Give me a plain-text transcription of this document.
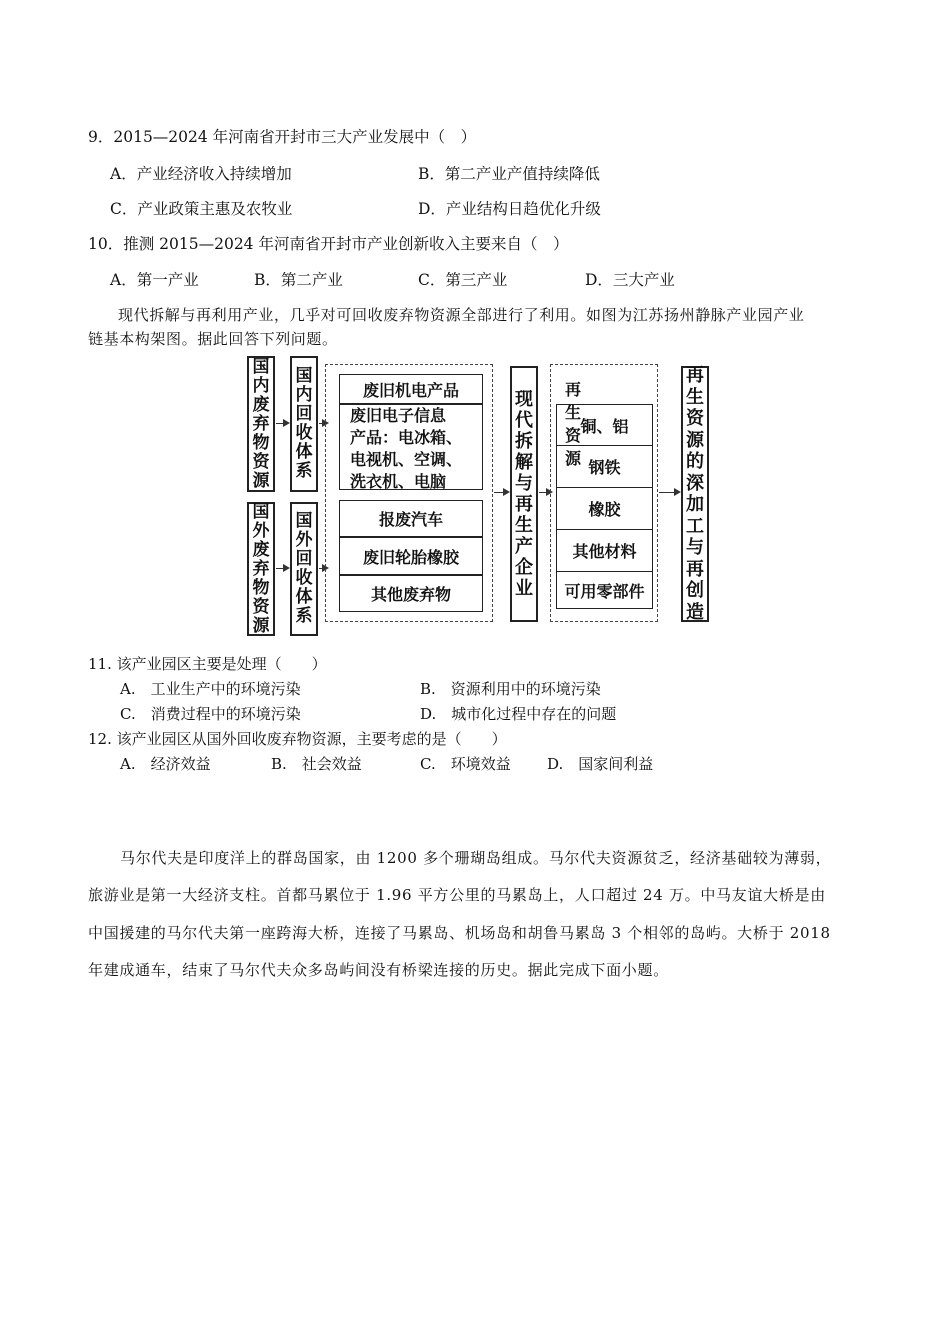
9．2015—2024 年河南省开封市三大产业发展中（　）
A．产业经济收入持续增加	B．第二产业产值持续降低
C．产业政策主惠及农牧业	D．产业结构日趋优化升级
10．推测 2015—2024 年河南省开封市产业创新收入主要来自（　）
A．第一产业	B．第二产业	C．第三产业	D．三大产业
现代拆解与再利用产业，几乎对可回收废弃物资源全部进行了利用。如图为江苏扬州静脉产业园产业
链基本构架图。据此回答下列问题。
国内废弃物资源
国外废弃物资源
国内回收体系
国外回收体系
废旧机电产品
废旧电子信息
产品：电冰箱、
电视机、空调、
洗衣机、电脑
报废汽车
废旧轮胎橡胶
其他废弃物
现代拆解与再生产企业
再生资源
铜、铝
钢铁
橡胶
其他材料
可用零部件
再生资源的深加工与再创造
11. 该产业园区主要是处理（　　）
A.　工业生产中的环境污染	B.　资源利用中的环境污染
C.　消费过程中的环境污染	D.　城市化过程中存在的问题
12. 该产业园区从国外回收废弃物资源，主要考虑的是（　　）
A.　经济效益	B.　社会效益	C.　环境效益 D.　国家间利益
马尔代夫是印度洋上的群岛国家，由 1200 多个珊瑚岛组成。马尔代夫资源贫乏，经济基础较为薄弱，
旅游业是第一大经济支柱。首都马累位于 1.96 平方公里的马累岛上，人口超过 24 万。中马友谊大桥是由
中国援建的马尔代夫第一座跨海大桥，连接了马累岛、机场岛和胡鲁马累岛 3 个相邻的岛屿。大桥于 2018
年建成通车，结束了马尔代夫众多岛屿间没有桥梁连接的历史。据此完成下面小题。
